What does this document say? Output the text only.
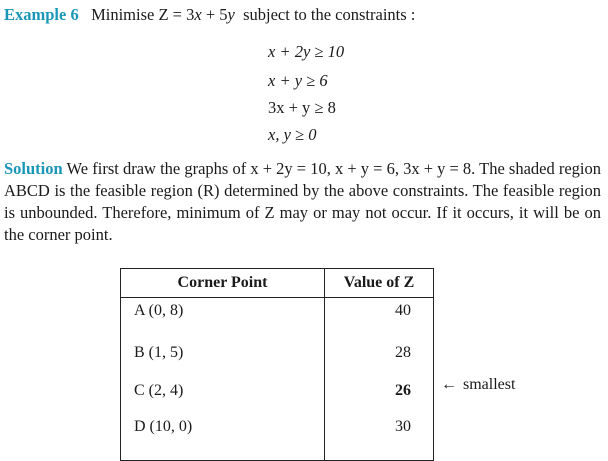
Example 6 Minimise Z = 3x + 5y subject to the constraints :
x + 2y ≥ 10
x + y ≥ 6
3x + y ≥ 8
x, y ≥ 0
Solution We first draw the graphs of x + 2y = 10, x + y = 6, 3x + y = 8. The shaded region ABCD is the feasible region (R) determined by the above constraints. The feasible region is unbounded. Therefore, minimum of Z may or may not occur. If it occurs, it will be on the corner point.
Corner Point	Value of Z
A (0, 8)	40
B (1, 5)	28
C (2, 4)	26
D (10, 0)	30
← smallest
